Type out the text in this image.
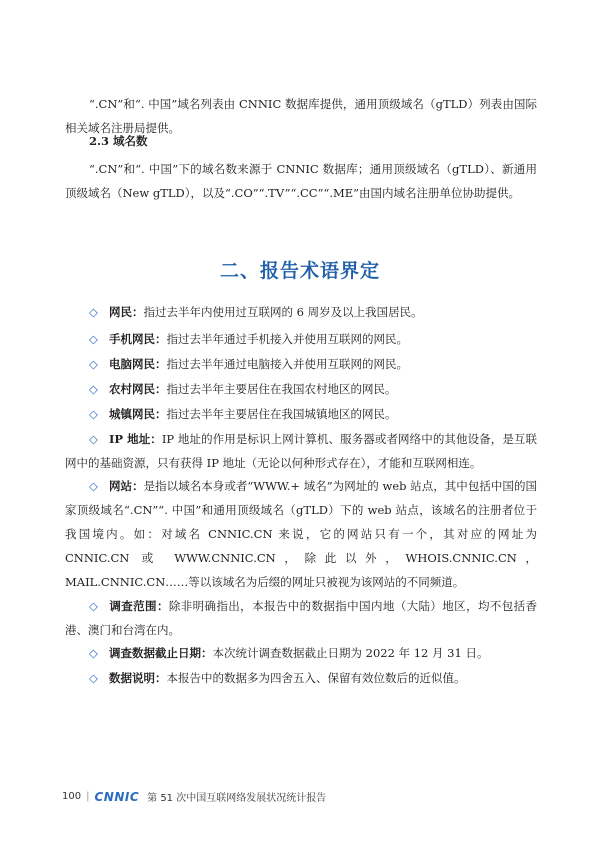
“.CN”和“. 中国”域名列表由 CNNIC 数据库提供，通用顶级域名（gTLD）列表由国际相关域名注册局提供。

2.3 域名数

“.CN”和“. 中国”下的域名数来源于 CNNIC 数据库；通用顶级域名（gTLD）、新通用顶级域名（New gTLD），以及“.CO”“.TV”“.CC”“.ME”由国内域名注册单位协助提供。

二、报告术语界定

◇ 网民：指过去半年内使用过互联网的 6 周岁及以上我国居民。

◇ 手机网民：指过去半年通过手机接入并使用互联网的网民。

◇ 电脑网民：指过去半年通过电脑接入并使用互联网的网民。

◇ 农村网民：指过去半年主要居住在我国农村地区的网民。

◇ 城镇网民：指过去半年主要居住在我国城镇地区的网民。

◇ IP 地址：IP 地址的作用是标识上网计算机、服务器或者网络中的其他设备，是互联网中的基础资源，只有获得 IP 地址（无论以何种形式存在），才能和互联网相连。

◇ 网站：是指以域名本身或者“WWW.+ 域名”为网址的 web 站点，其中包括中国的国家顶级域名“.CN”“. 中国”和通用顶级域名（gTLD）下的 web 站点，该域名的注册者位于我国境内。如：对域名 CNNIC.CN 来说，它的网站只有一个，其对应的网址为 CNNIC.CN 或 WWW.CNNIC.CN，除此以外，WHOIS.CNNIC.CN，MAIL.CNNIC.CN……等以该域名为后缀的网址只被视为该网站的不同频道。

◇ 调查范围：除非明确指出，本报告中的数据指中国内地（大陆）地区，均不包括香港、澳门和台湾在内。

◇ 调查数据截止日期：本次统计调查数据截止日期为 2022 年 12 月 31 日。

◇ 数据说明：本报告中的数据多为四舍五入、保留有效位数后的近似值。

100 | CNNIC 第 51 次中国互联网络发展状况统计报告
